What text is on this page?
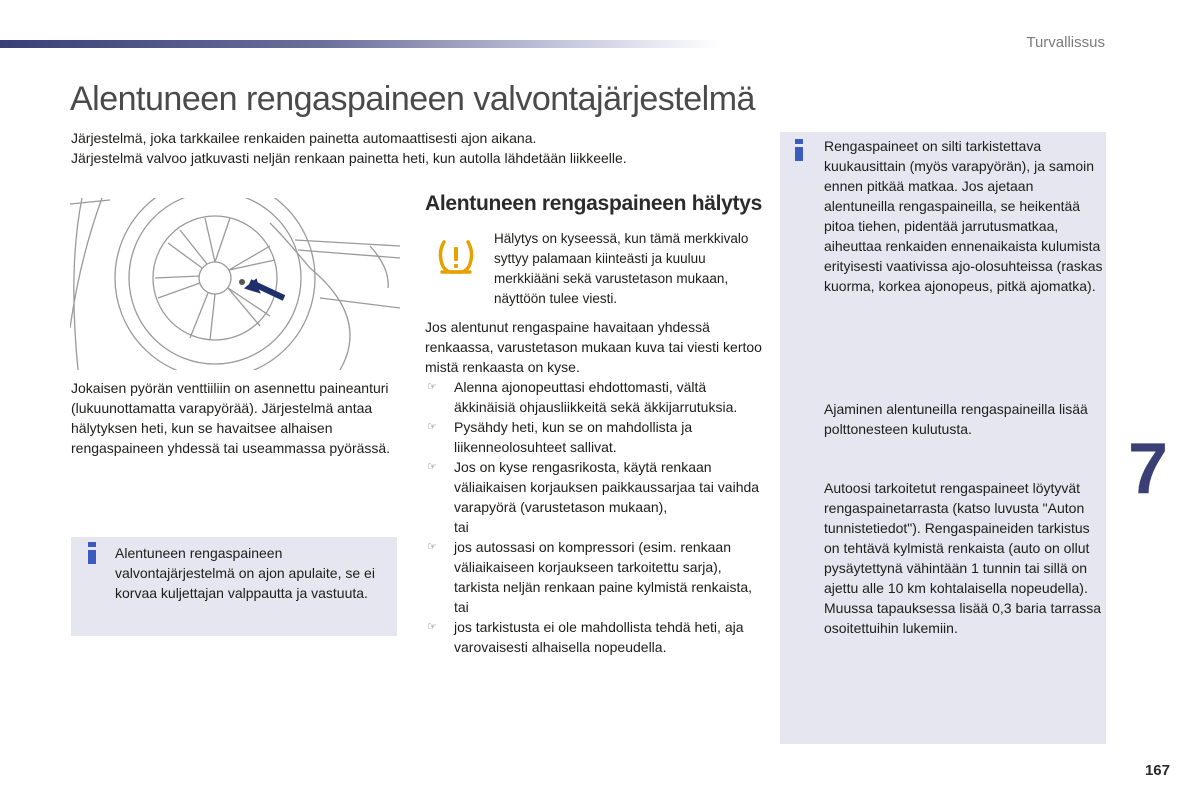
Turvallissus
Alentuneen rengaspaineen valvontajärjestelmä

Järjestelmä, joka tarkkailee renkaiden painetta automaattisesti ajon aikana.

Järjestelmä valvoo jatkuvasti neljän renkaan painetta heti, kun autolla lähdetään liikkeelle.

Jokaisen pyörän venttiiliin on asennettu paineanturi (lukuunottamatta varapyörää). Järjestelmä antaa hälytyksen heti, kun se havaitsee alhaisen rengaspaineen yhdessä tai useammassa pyörässä.

Alentuneen rengaspaineen valvontajärjestelmä on ajon apulaite, se ei korvaa kuljettajan valppautta ja vastuuta.

Alentuneen rengaspaineen hälytys

Hälytys on kyseessä, kun tämä merkkivalo syttyy palamaan kiinteästi ja kuuluu merkkiääni sekä varustetason mukaan, näyttöön tulee viesti.

Jos alentunut rengaspaine havaitaan yhdessä renkaassa, varustetason mukaan kuva tai viesti kertoo mistä renkaasta on kyse.

☞ Alenna ajonopeuttasi ehdottomasti, vältä äkkinäisiä ohjausliikkeitä sekä äkkijarrutuksia.
☞ Pysähdy heti, kun se on mahdollista ja liikenneolosuhteet sallivat.
☞ Jos on kyse rengasrikosta, käytä renkaan väliaikaisen korjauksen paikkaussarjaa tai vaihda varapyörä (varustetason mukaan),
tai
☞ jos autossasi on kompressori (esim. renkaan väliaikaiseen korjaukseen tarkoitettu sarja), tarkista neljän renkaan paine kylmistä renkaista,
tai
☞ jos tarkistusta ei ole mahdollista tehdä heti, aja varovaisesti alhaisella nopeudella.

Rengaspaineet on silti tarkistettava kuukausittain (myös varapyörän), ja samoin ennen pitkää matkaa. Jos ajetaan alentuneilla rengaspaineilla, se heikentää pitoa tiehen, pidentää jarrutusmatkaa, aiheuttaa renkaiden ennenaikaista kulumista erityisesti vaativissa ajo-olosuhteissa (raskas kuorma, korkea ajonopeus, pitkä ajomatka).

Ajaminen alentuneilla rengaspaineilla lisää polttonesteen kulutusta.

Autoosi tarkoitetut rengaspaineet löytyvät rengaspainetarrasta (katso luvusta "Auton tunnistetiedot"). Rengaspaineiden tarkistus on tehtävä kylmistä renkaista (auto on ollut pysäytettynä vähintään 1 tunnin tai sillä on ajettu alle 10 km kohtalaisella nopeudella). Muussa tapauksessa lisää 0,3 baria tarrassa osoitettuihin lukemiin.

7
167
